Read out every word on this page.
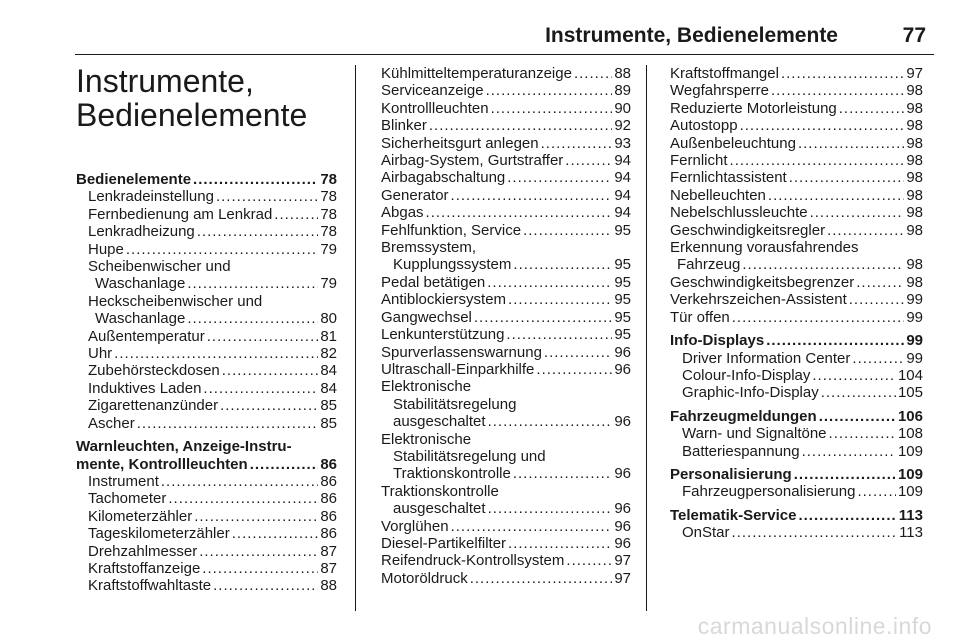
Instrumente, Bedienelemente	77
Instrumente,
Bedienelemente
Bedienelemente .....	78
Lenkradeinstellung .....	78
Fernbedienung am Lenkrad .....	78
Lenkradheizung .....	78
Hupe .....	79
Scheibenwischer und
Waschanlage .....	79
Heckscheibenwischer und
Waschanlage .....	80
Außentemperatur .....	81
Uhr .....	82
Zubehörsteckdosen .....	84
Induktives Laden .....	84
Zigarettenanzünder .....	85
Ascher .....	85
Warnleuchten, Anzeige-Instru-
mente, Kontrollleuchten .....	86
Instrument .....	86
Tachometer .....	86
Kilometerzähler .....	86
Tageskilometerzähler .....	86
Drehzahlmesser .....	87
Kraftstoffanzeige .....	87
Kraftstoffwahltaste .....	88
Kühlmitteltemperaturanzeige .....	88
Serviceanzeige .....	89
Kontrollleuchten .....	90
Blinker .....	92
Sicherheitsgurt anlegen .....	93
Airbag-System, Gurtstraffer .....	94
Airbagabschaltung .....	94
Generator .....	94
Abgas .....	94
Fehlfunktion, Service .....	95
Bremssystem,
Kupplungssystem .....	95
Pedal betätigen .....	95
Antiblockiersystem .....	95
Gangwechsel .....	95
Lenkunterstützung .....	95
Spurverlassenswarnung .....	96
Ultraschall-Einparkhilfe .....	96
Elektronische
Stabilitätsregelung
ausgeschaltet .....	96
Elektronische
Stabilitätsregelung und
Traktionskontrolle .....	96
Traktionskontrolle
ausgeschaltet .....	96
Vorglühen .....	96
Diesel-Partikelfilter .....	96
Reifendruck-Kontrollsystem .....	97
Motoröldruck .....	97
Kraftstoffmangel .....	97
Wegfahrsperre .....	98
Reduzierte Motorleistung .....	98
Autostopp .....	98
Außenbeleuchtung .....	98
Fernlicht .....	98
Fernlichtassistent .....	98
Nebelleuchten .....	98
Nebelschlussleuchte .....	98
Geschwindigkeitsregler .....	98
Erkennung vorausfahrendes
Fahrzeug .....	98
Geschwindigkeitsbegrenzer .....	98
Verkehrszeichen-Assistent .....	99
Tür offen .....	99
Info-Displays .....	99
Driver Information Center .....	99
Colour-Info-Display .....	104
Graphic-Info-Display .....	105
Fahrzeugmeldungen .....	106
Warn- und Signaltöne .....	108
Batteriespannung .....	109
Personalisierung .....	109
Fahrzeugpersonalisierung .....	109
Telematik-Service .....	113
OnStar .....	113
carmanualsonline.info
